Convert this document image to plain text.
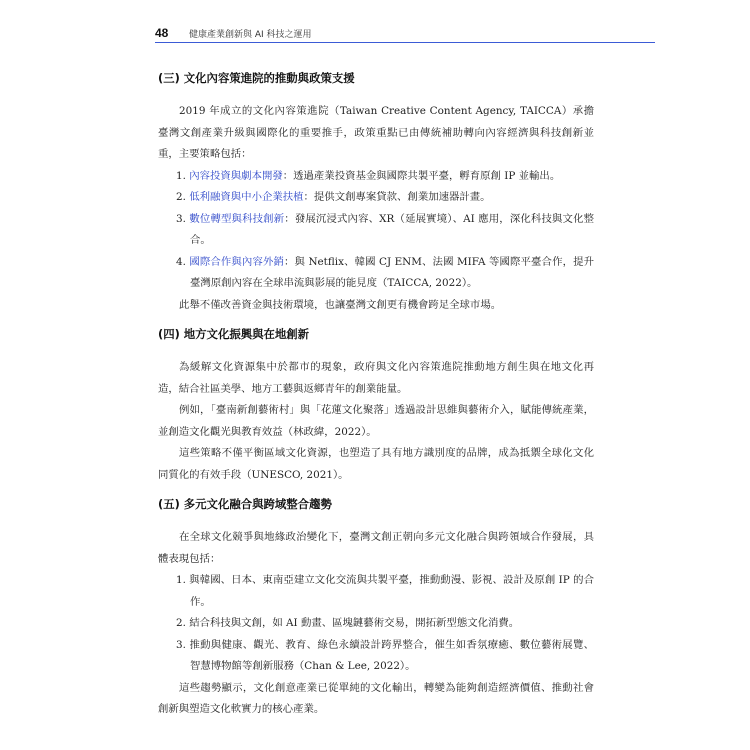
48 健康產業創新與 AI 科技之運用
(三) 文化內容策進院的推動與政策支援

2019 年成立的文化內容策進院（Taiwan Creative Content Agency, TAICCA）承擔臺灣文創產業升級與國際化的重要推手，政策重點已由傳統補助轉向內容經濟與科技創新並重，主要策略包括：

1. 內容投資與劇本開發：透過產業投資基金與國際共製平臺，孵育原創 IP 並輸出。
2. 低利融資與中小企業扶植：提供文創專案貸款、創業加速器計畫。
3. 數位轉型與科技創新：發展沉浸式內容、XR（延展實境）、AI 應用，深化科技與文化整合。
4. 國際合作與內容外銷：與 Netflix、韓國 CJ ENM、法國 MIFA 等國際平臺合作，提升臺灣原創內容在全球串流與影展的能見度（TAICCA, 2022）。

此舉不僅改善資金與技術環境，也讓臺灣文創更有機會跨足全球市場。

(四) 地方文化振興與在地創新

為緩解文化資源集中於都市的現象，政府與文化內容策進院推動地方創生與在地文化再造，結合社區美學、地方工藝與返鄉青年的創業能量。

例如，「臺南新創藝術村」與「花蓮文化聚落」透過設計思維與藝術介入，賦能傳統產業，並創造文化觀光與教育效益（林政緯，2022）。

這些策略不僅平衡區域文化資源，也塑造了具有地方識別度的品牌，成為抵禦全球化文化同質化的有效手段（UNESCO, 2021）。

(五) 多元文化融合與跨域整合趨勢

在全球文化競爭與地緣政治變化下，臺灣文創正朝向多元文化融合與跨領域合作發展，具體表現包括：

1. 與韓國、日本、東南亞建立文化交流與共製平臺，推動動漫、影視、設計及原創 IP 的合作。
2. 結合科技與文創，如 AI 動畫、區塊鏈藝術交易，開拓新型態文化消費。
3. 推動與健康、觀光、教育、綠色永續設計跨界整合，催生如香氛療癒、數位藝術展覽、智慧博物館等創新服務（Chan & Lee, 2022）。

這些趨勢顯示，文化創意產業已從單純的文化輸出，轉變為能夠創造經濟價值、推動社會創新與塑造文化軟實力的核心產業。
